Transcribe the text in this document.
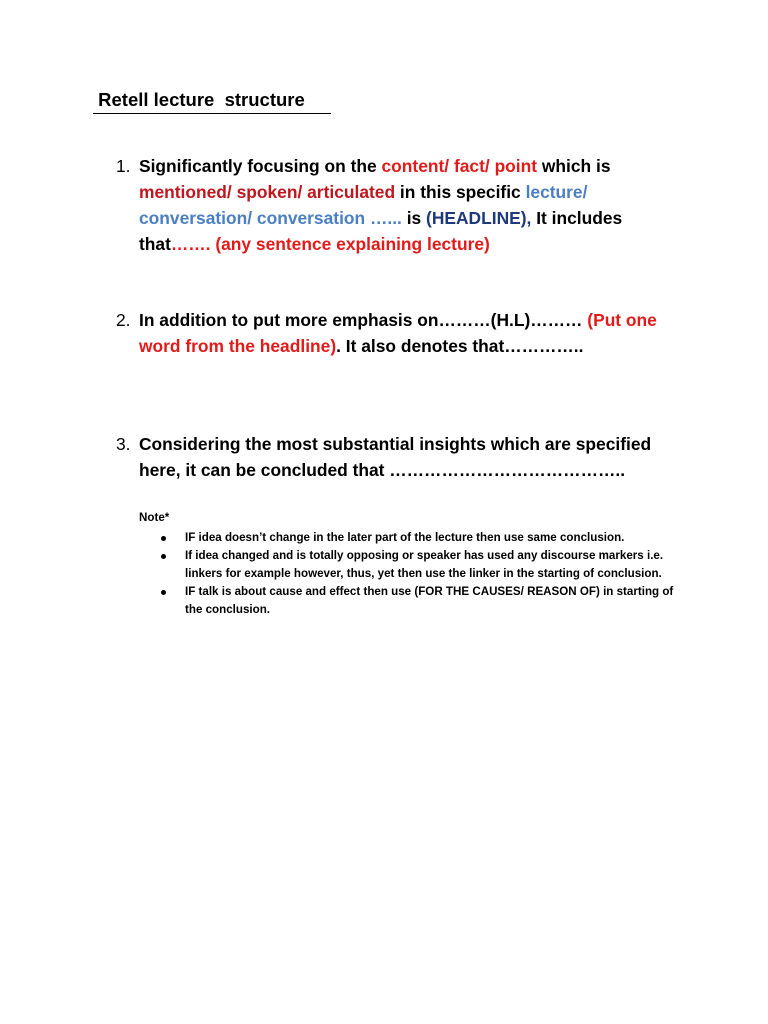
Retell lecture  structure
1. Significantly focusing on the content/ fact/ point which is mentioned/ spoken/ articulated in this specific lecture/ conversation/ conversation …... is (HEADLINE), It includes that……. (any sentence explaining lecture)
2. In addition to put more emphasis on………(H.L)……… (Put one word from the headline). It also denotes that…………..
3. Considering the most substantial insights which are specified here, it can be concluded that …………………………………..
Note*
IF idea doesn’t change in the later part of the lecture then use same conclusion.
If idea changed and is totally opposing or speaker has used any discourse markers i.e. linkers for example however, thus, yet then use the linker in the starting of conclusion.
IF talk is about cause and effect then use (FOR THE CAUSES/ REASON OF) in starting of the conclusion.
